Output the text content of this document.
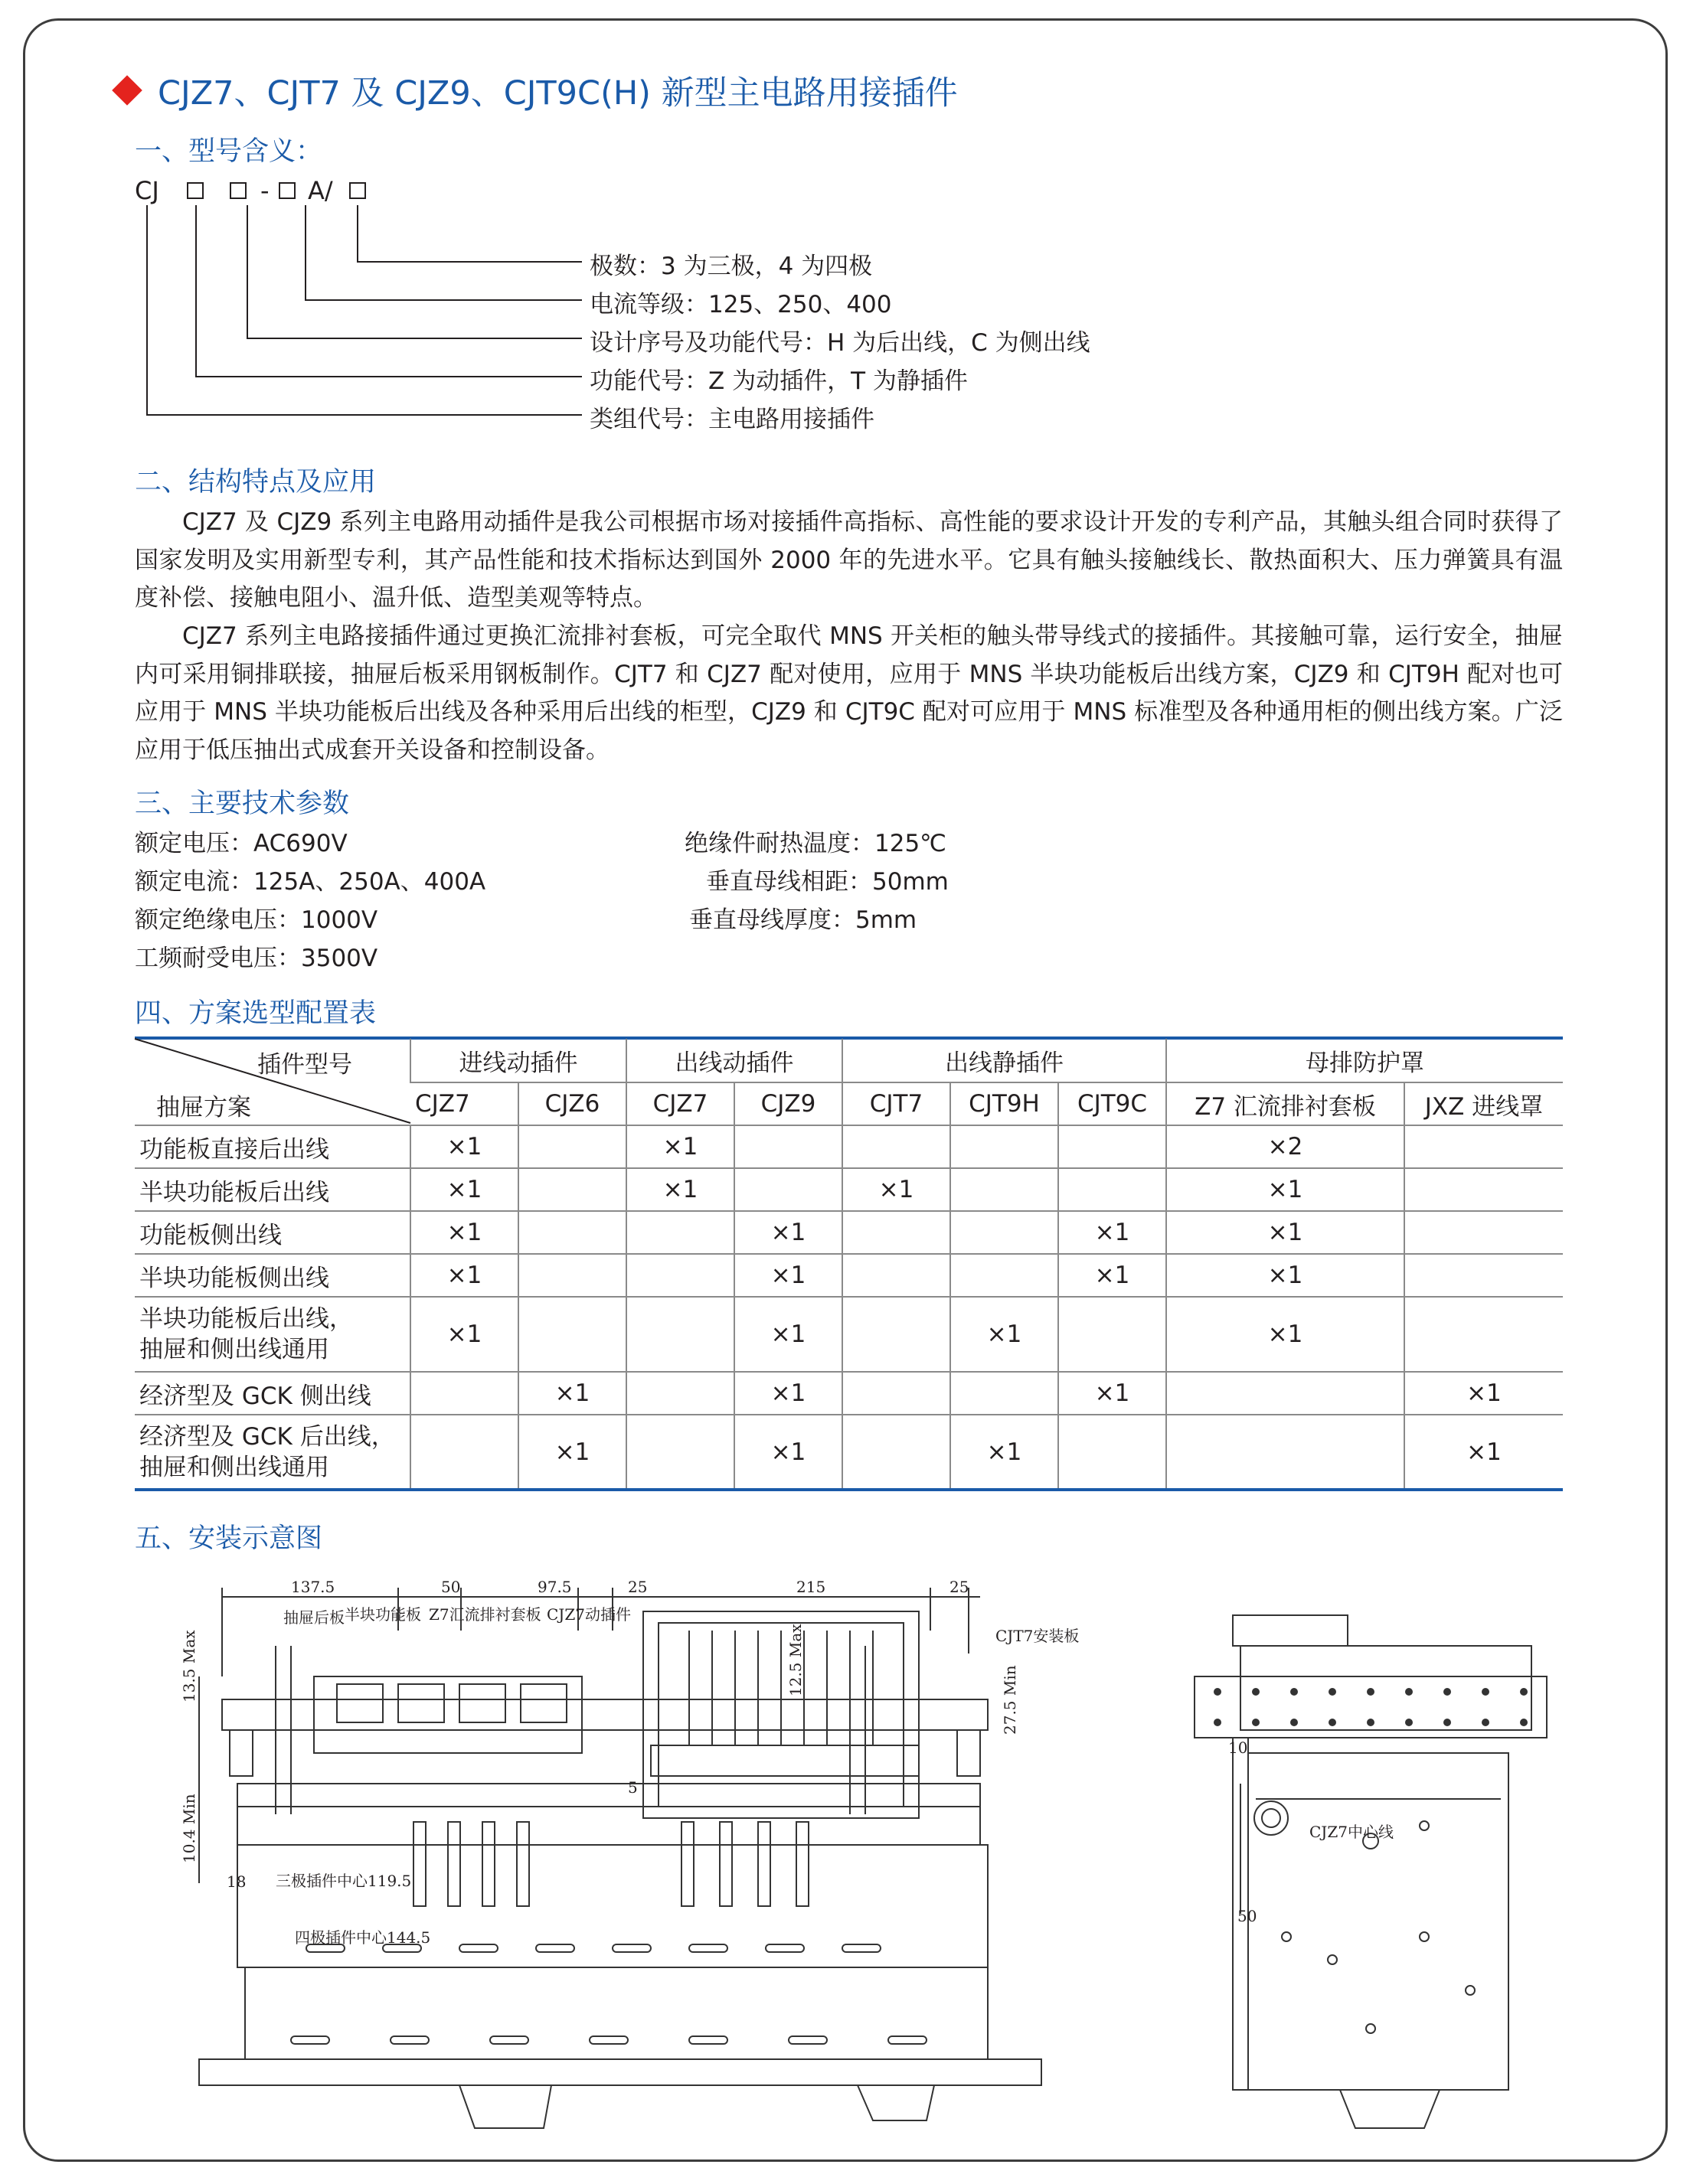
CJZ7、CJT7 及 CJZ9、CJT9C(H) 新型主电路用接插件
一、型号含义：
CJ	- A/
极数：3 为三极，4 为四极
电流等级：125、250、400
设计序号及功能代号：H 为后出线，C 为侧出线
功能代号：Z 为动插件，T 为静插件
类组代号：主电路用接插件
二、结构特点及应用
CJZ7 及 CJZ9 系列主电路用动插件是我公司根据市场对接插件高指标、高性能的要求设计开发的专利产品，其触头组合同时获得了国家发明及实用新型专利，其产品性能和技术指标达到国外 2000 年的先进水平。它具有触头接触线长、散热面积大、压力弹簧具有温度补偿、接触电阻小、温升低、造型美观等特点。
CJZ7 系列主电路接插件通过更换汇流排衬套板，可完全取代 MNS 开关柜的触头带导线式的接插件。其接触可靠，运行安全，抽屉内可采用铜排联接，抽屉后板采用钢板制作。CJT7 和 CJZ7 配对使用，应用于 MNS 半块功能板后出线方案，CJZ9 和 CJT9H 配对也可应用于 MNS 半块功能板后出线及各种采用后出线的柜型，CJZ9 和 CJT9C 配对可应用于 MNS 标准型及各种通用柜的侧出线方案。广泛应用于低压抽出式成套开关设备和控制设备。
三、主要技术参数
额定电压：AC690V
额定电流：125A、250A、400A
额定绝缘电压：1000V
工频耐受电压：3500V
绝缘件耐热温度：125℃
垂直母线相距：50mm
垂直母线厚度：5mm
四、方案选型配置表
插件型号
抽屉方案	进线动插件		出线动插件		出线静插件			母排防护罩	
	CJZ7	CJZ6	CJZ7	CJZ9	CJT7	CJT9H	CJT9C	Z7 汇流排衬套板	JXZ 进线罩
功能板直接后出线	×1		×1					×2	
半块功能板后出线	×1		×1		×1			×1	
功能板侧出线	×1			×1			×1	×1	
半块功能板侧出线	×1			×1			×1	×1	
半块功能板后出线，
抽屉和侧出线通用	×1			×1		×1		×1	
经济型及 GCK 侧出线		×1		×1			×1		×1
经济型及 GCK 后出线，
抽屉和侧出线通用		×1		×1		×1			×1
五、安装示意图
137.5	50	97.5	25	215	25
13.5 Max
10.4 Min
12.5 Max
27.5 Min
18
5
抽屉后板 半块功能板 Z7汇流排衬套板 CJZ7动插件
CJT7安装板
三极插件中心119.5
四极插件中心144.5
10
CJZ7中心线
50
